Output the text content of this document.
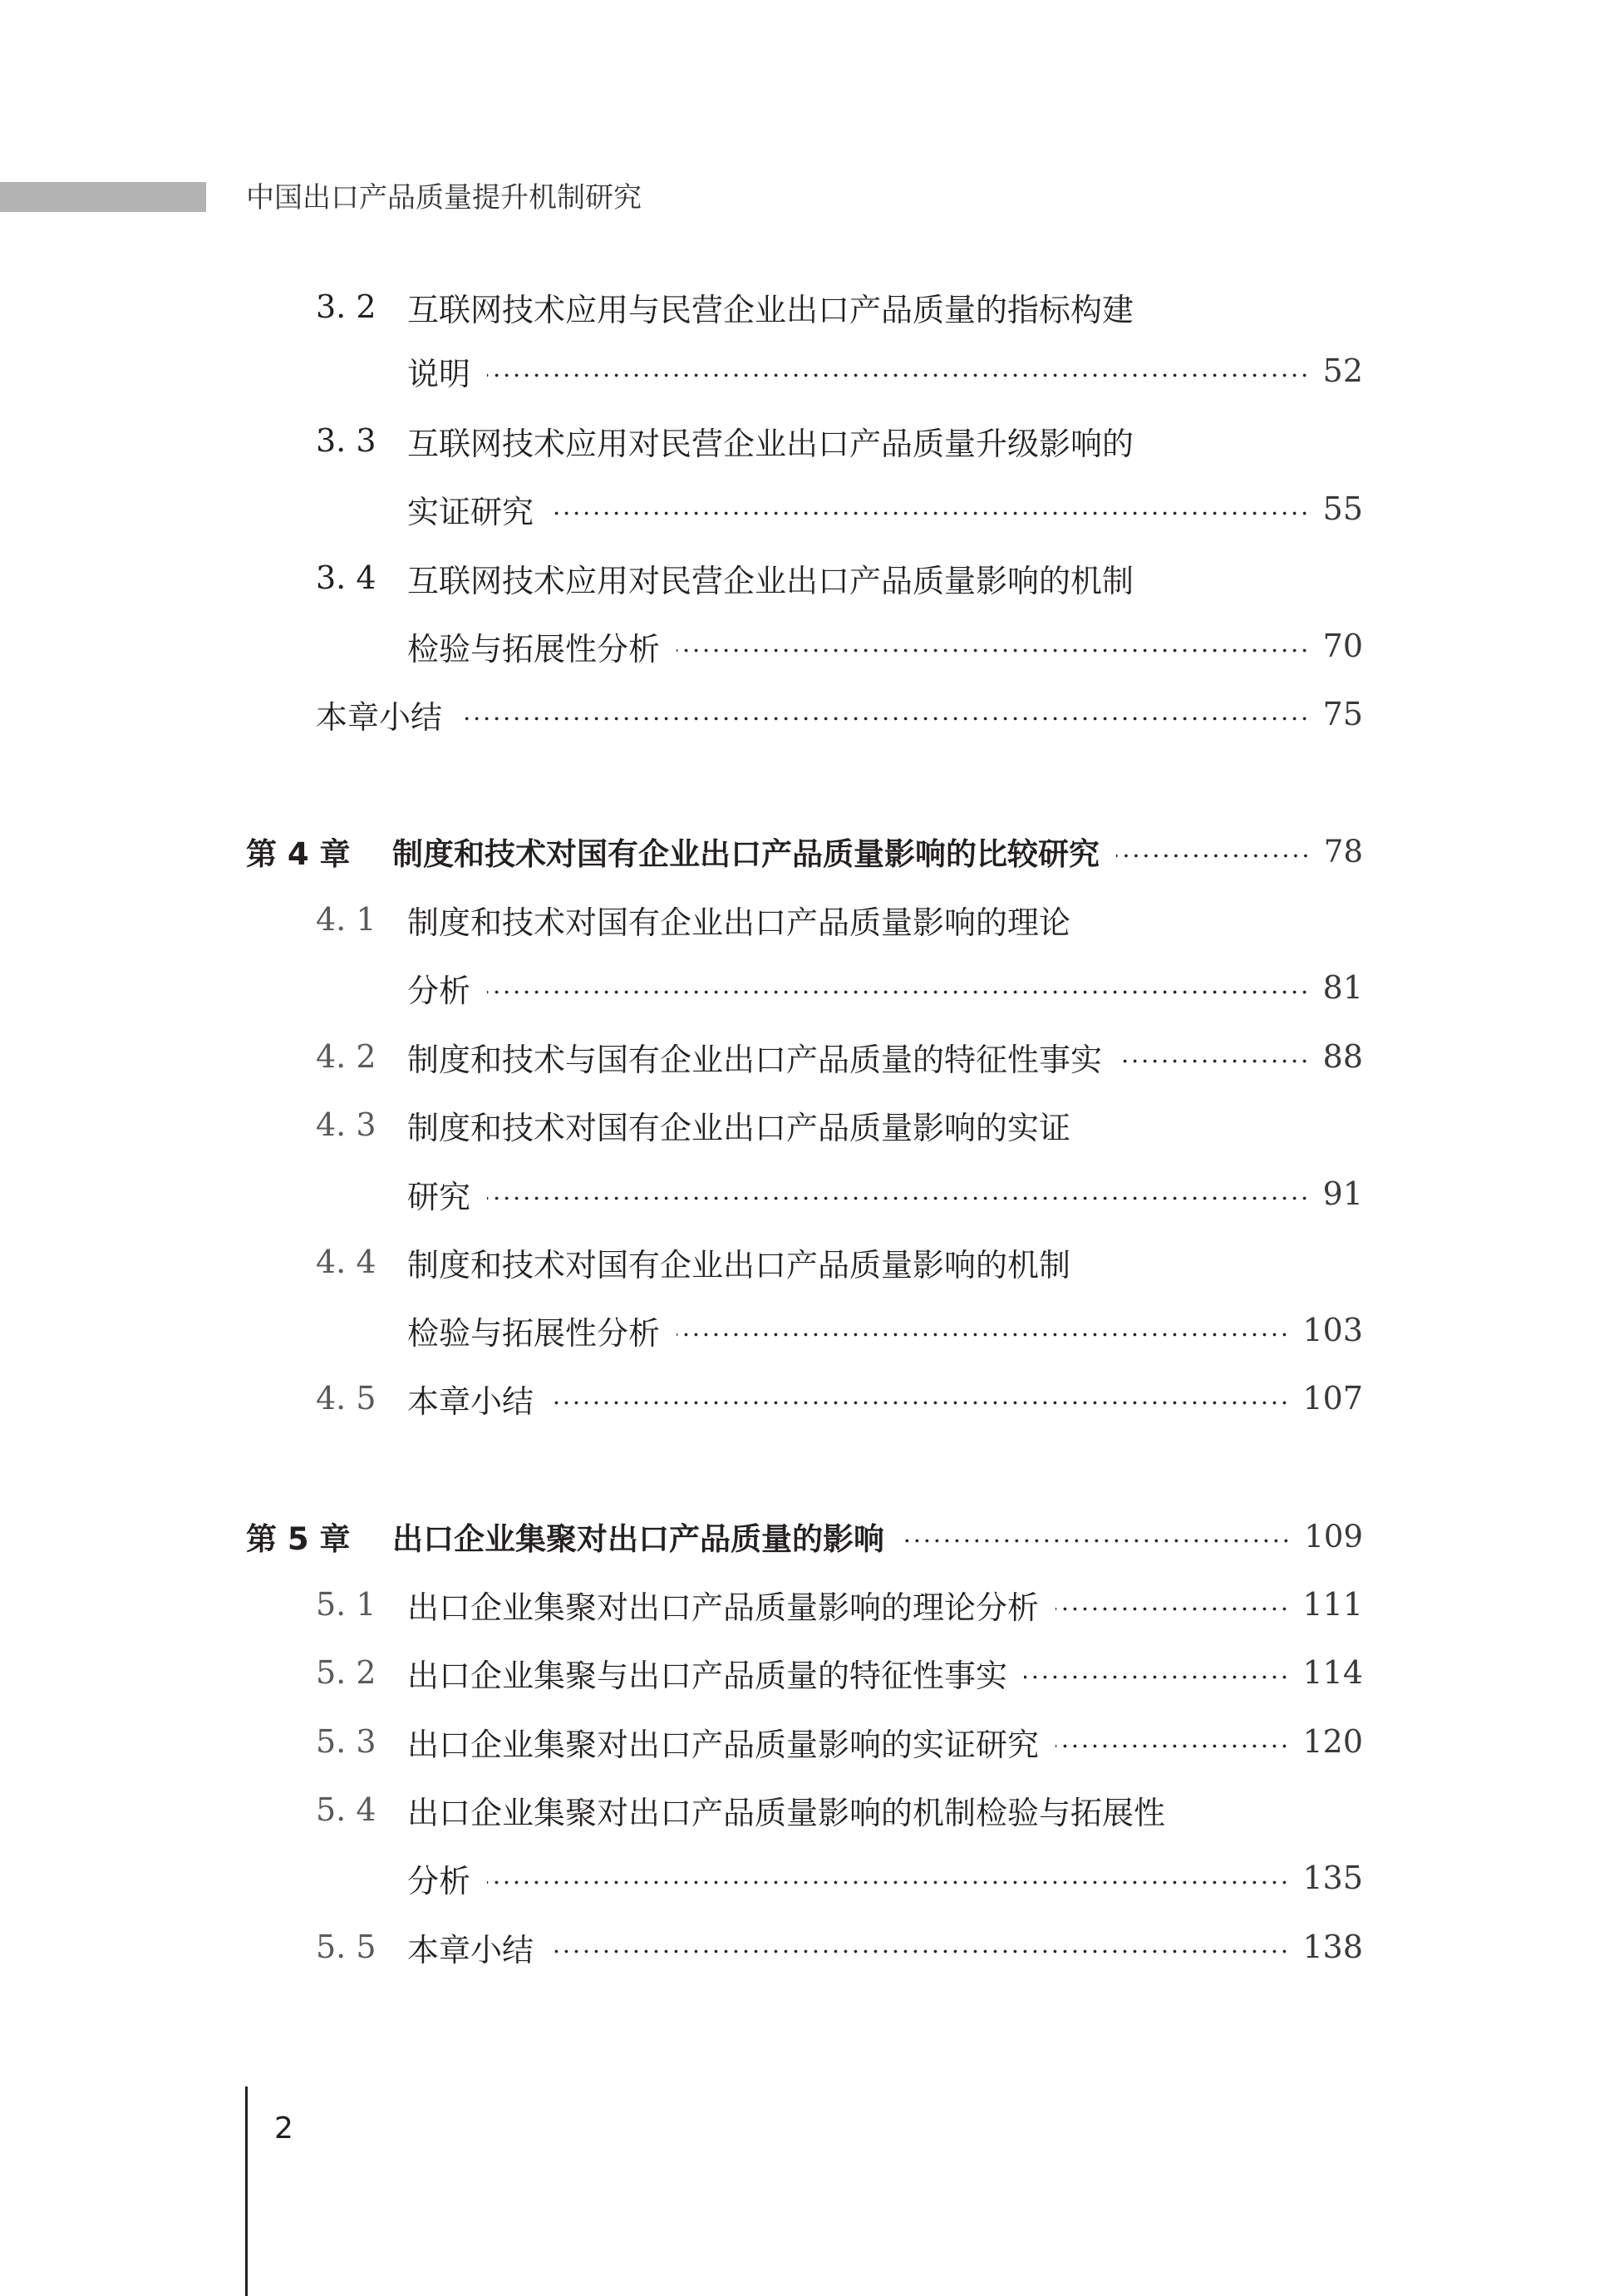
中国出口产品质量提升机制研究
3. 2 互联网技术应用与民营企业出口产品质量的指标构建
说明	52
3. 3 互联网技术应用对民营企业出口产品质量升级影响的
实证研究	55
3. 4 互联网技术应用对民营企业出口产品质量影响的机制
检验与拓展性分析	70
本章小结	75
第 4 章	制度和技术对国有企业出口产品质量影响的比较研究	78
4. 1 制度和技术对国有企业出口产品质量影响的理论
分析	81
4. 2 制度和技术与国有企业出口产品质量的特征性事实	88
4. 3 制度和技术对国有企业出口产品质量影响的实证
研究	91
4. 4 制度和技术对国有企业出口产品质量影响的机制
检验与拓展性分析	103
4. 5 本章小结	107
第 5 章	出口企业集聚对出口产品质量的影响	109
5. 1 出口企业集聚对出口产品质量影响的理论分析	111
5. 2 出口企业集聚与出口产品质量的特征性事实	114
5. 3 出口企业集聚对出口产品质量影响的实证研究	120
5. 4 出口企业集聚对出口产品质量影响的机制检验与拓展性
分析	135
5. 5 本章小结	138
2
